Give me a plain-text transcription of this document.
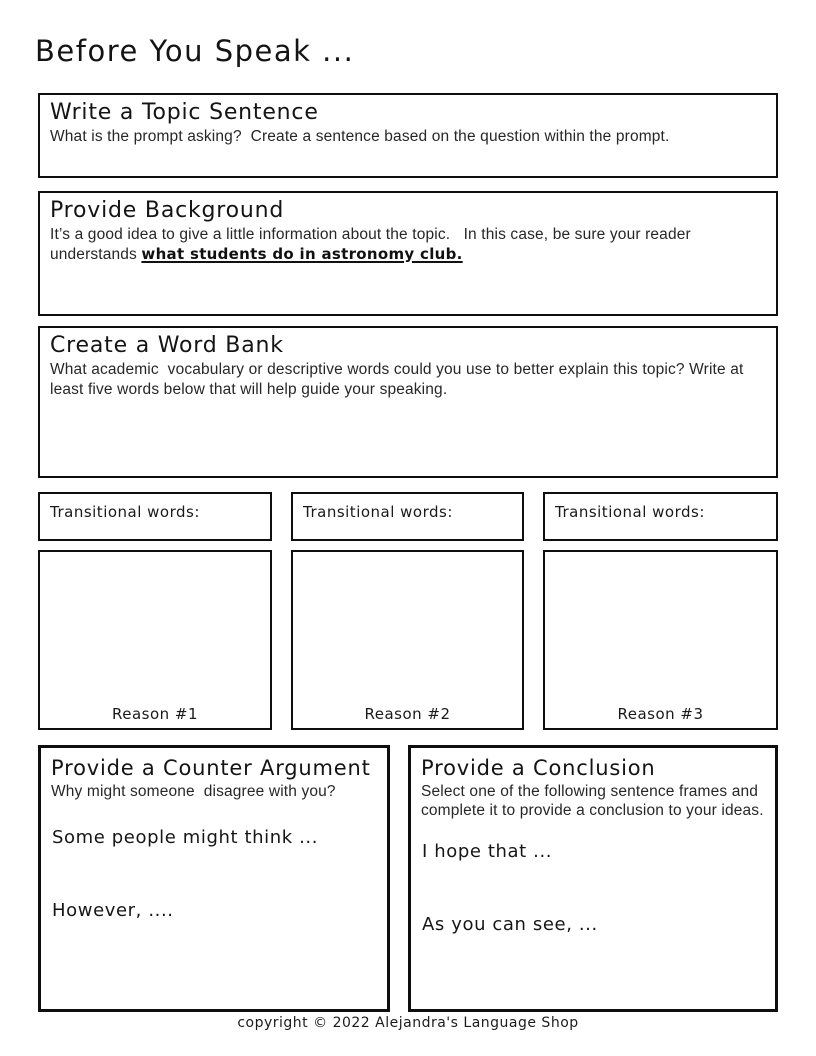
Before You Speak ...
Write a Topic Sentence
What is the prompt asking?  Create a sentence based on the question within the prompt.
Provide Background
It’s a good idea to give a little information about the topic.   In this case, be sure your reader understands what students do in astronomy club.
Create a Word Bank
What academic  vocabulary or descriptive words could you use to better explain this topic? Write at least five words below that will help guide your speaking.
Transitional words:	Transitional words:	Transitional words:
Reason #1	Reason #2	Reason #3
Provide a Counter Argument
Why might someone  disagree with you?
Some people might think ...
However, ....
Provide a Conclusion
Select one of the following sentence frames and complete it to provide a conclusion to your ideas.
I hope that ...
As you can see, ...
copyright © 2022 Alejandra's Language Shop
